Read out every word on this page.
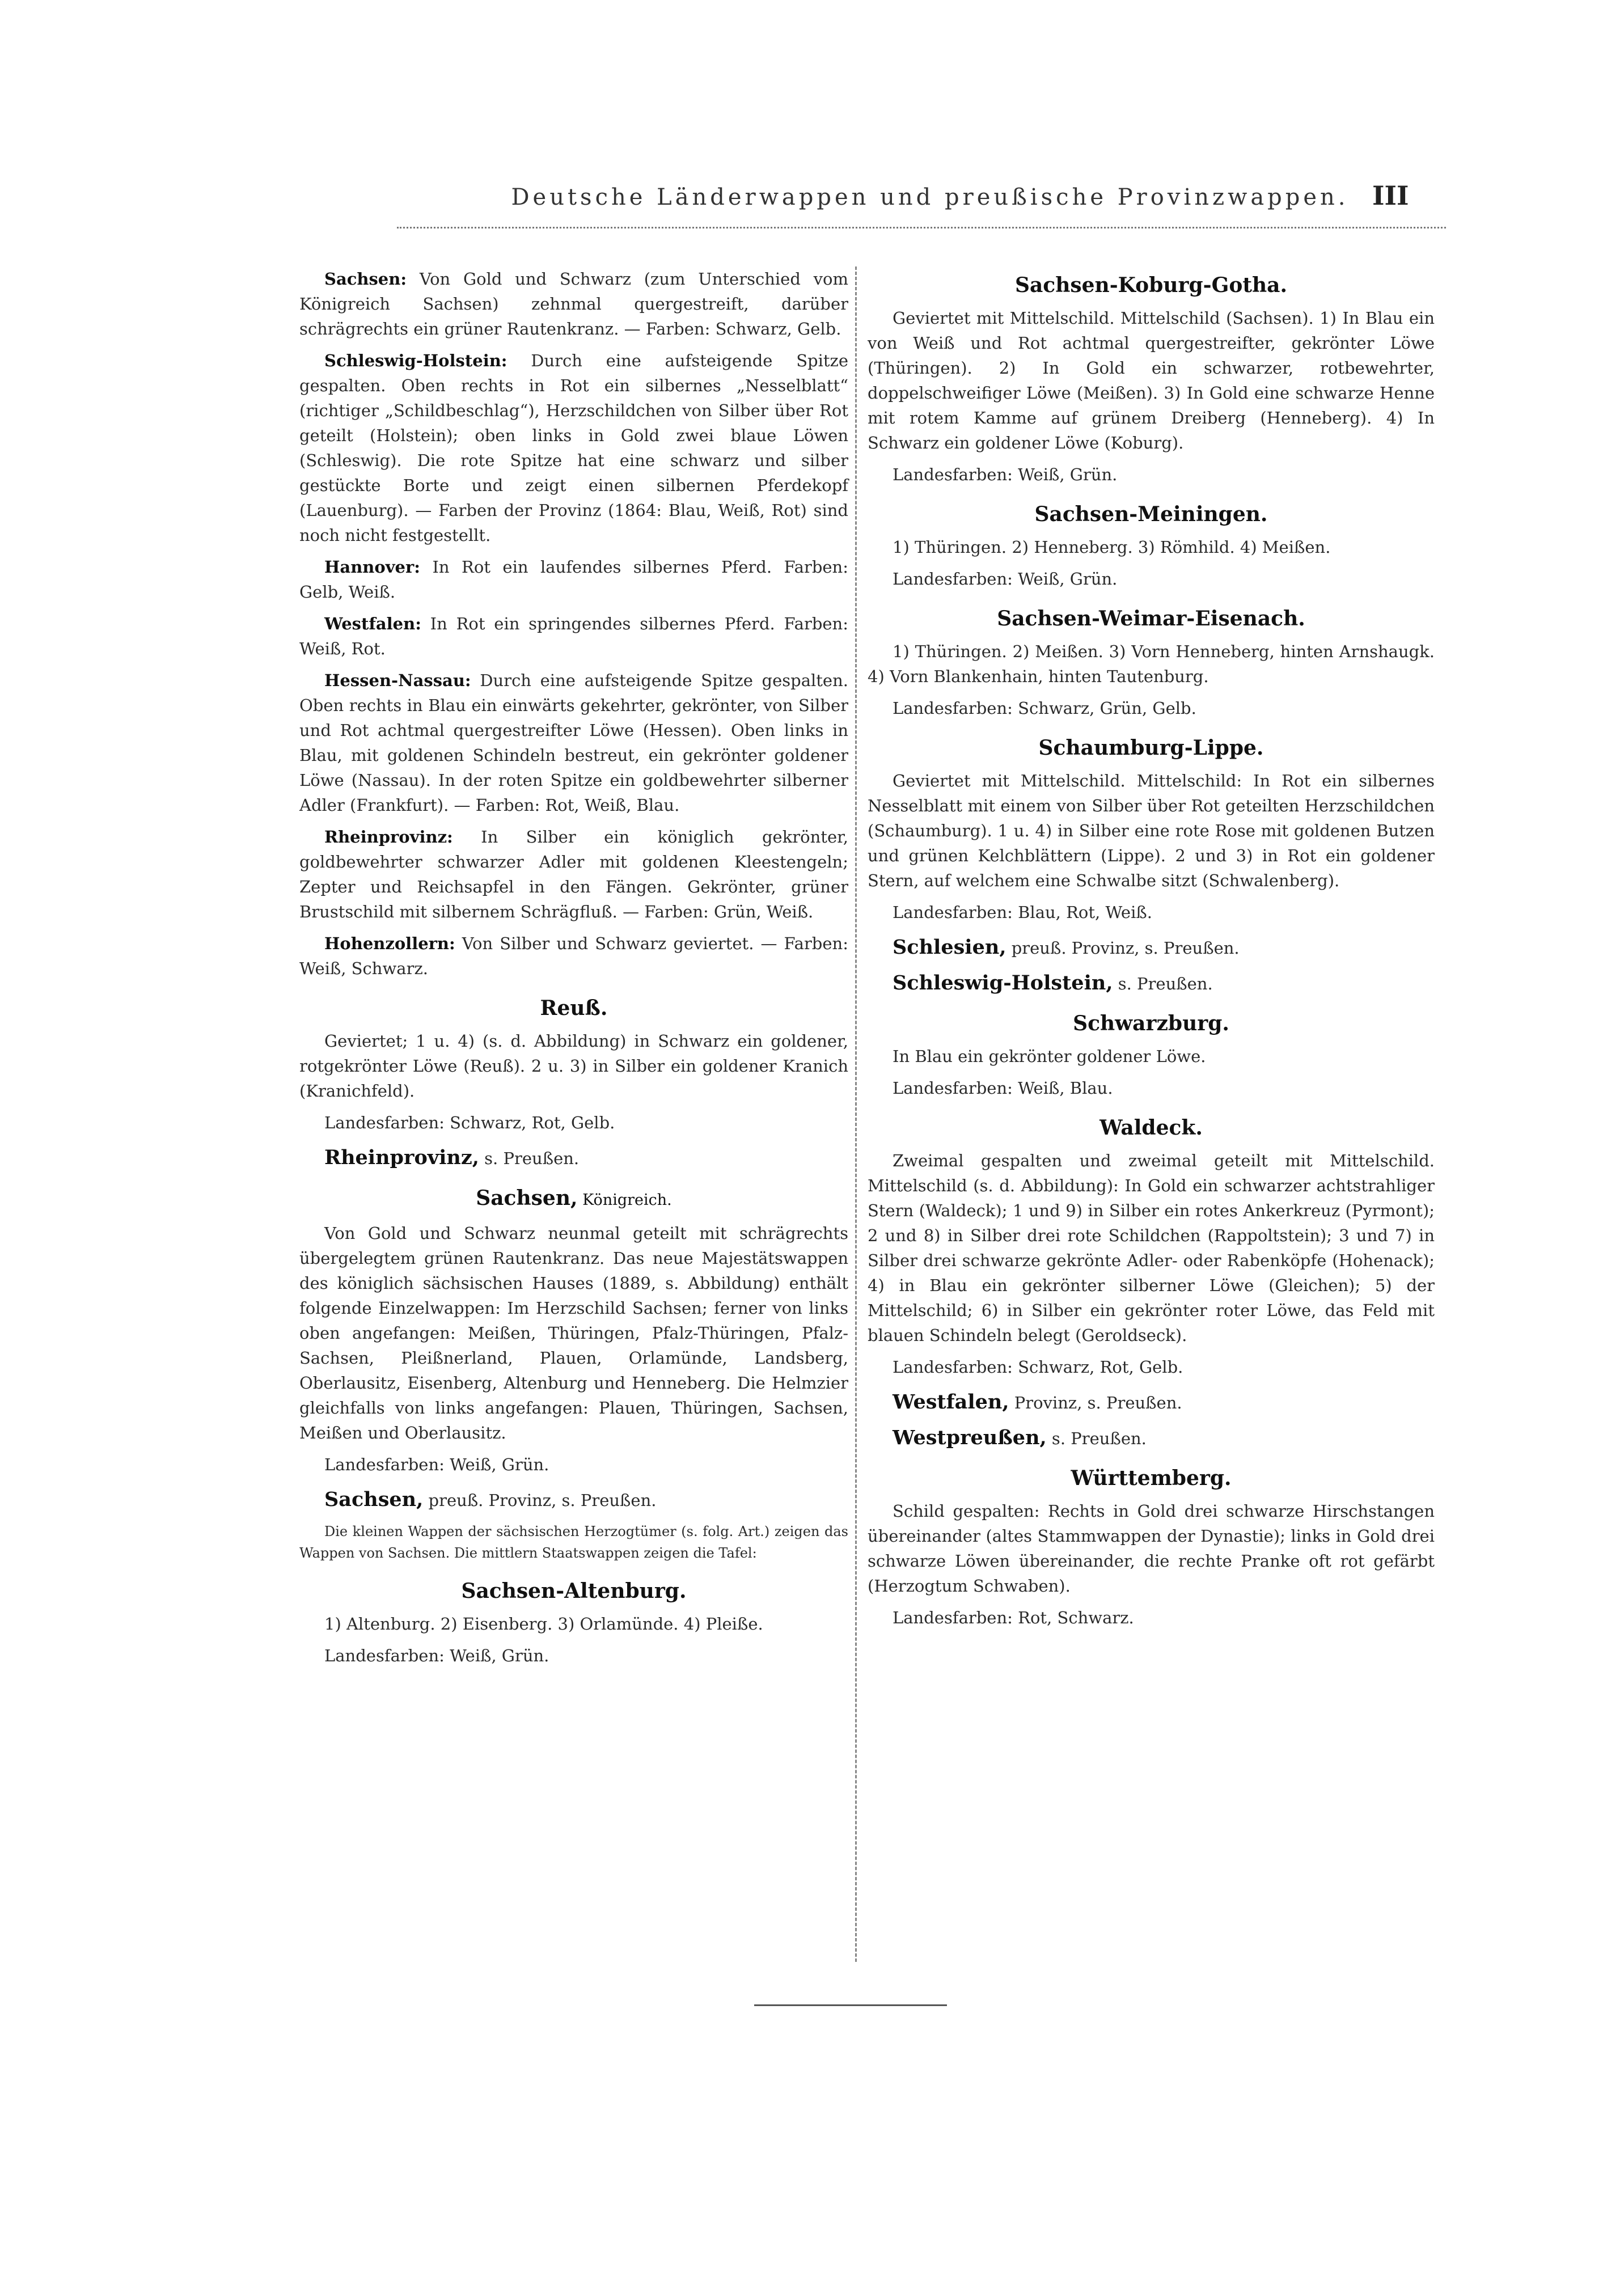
Deutsche Länderwappen und preußische Provinzwappen. III
Sachsen: Von Gold und Schwarz (zum Unterschied vom Königreich Sachsen) zehnmal quergestreift, darüber schrägrechts ein grüner Rautenkranz. — Farben: Schwarz, Gelb.
Schleswig-Holstein: Durch eine aufsteigende Spitze gespalten. Oben rechts in Rot ein silbernes „Nesselblatt“ (richtiger „Schildbeschlag“), Herzschildchen von Silber über Rot geteilt (Holstein); oben links in Gold zwei blaue Löwen (Schleswig). Die rote Spitze hat eine schwarz und silber gestückte Borte und zeigt einen silbernen Pferdekopf (Lauenburg). — Farben der Provinz (1864: Blau, Weiß, Rot) sind noch nicht festgestellt.
Hannover: In Rot ein laufendes silbernes Pferd. Farben: Gelb, Weiß.
Westfalen: In Rot ein springendes silbernes Pferd. Farben: Weiß, Rot.
Hessen-Nassau: Durch eine aufsteigende Spitze gespalten. Oben rechts in Blau ein einwärts gekehrter, gekrönter, von Silber und Rot achtmal quergestreifter Löwe (Hessen). Oben links in Blau, mit goldenen Schindeln bestreut, ein gekrönter goldener Löwe (Nassau). In der roten Spitze ein goldbewehrter silberner Adler (Frankfurt). — Farben: Rot, Weiß, Blau.
Rheinprovinz: In Silber ein königlich gekrönter, goldbewehrter schwarzer Adler mit goldenen Kleestengeln; Zepter und Reichsapfel in den Fängen. Gekrönter, grüner Brustschild mit silbernem Schrägfluß. — Farben: Grün, Weiß.
Hohenzollern: Von Silber und Schwarz geviertet. — Farben: Weiß, Schwarz.
Reuß.
Geviertet; 1 u. 4) (s. d. Abbildung) in Schwarz ein goldener, rotgekrönter Löwe (Reuß). 2 u. 3) in Silber ein goldener Kranich (Kranichfeld).
Landesfarben: Schwarz, Rot, Gelb.
Rheinprovinz, s. Preußen.
Sachsen, Königreich.
Von Gold und Schwarz neunmal geteilt mit schrägrechts übergelegtem grünen Rautenkranz. Das neue Majestätswappen des königlich sächsischen Hauses (1889, s. Abbildung) enthält folgende Einzelwappen: Im Herzschild Sachsen; ferner von links oben angefangen: Meißen, Thüringen, Pfalz-Thüringen, Pfalz-Sachsen, Pleißnerland, Plauen, Orlamünde, Landsberg, Oberlausitz, Eisenberg, Altenburg und Henneberg. Die Helmzier gleichfalls von links angefangen: Plauen, Thüringen, Sachsen, Meißen und Oberlausitz.
Landesfarben: Weiß, Grün.
Sachsen, preuß. Provinz, s. Preußen.
Die kleinen Wappen der sächsischen Herzogtümer (s. folg. Art.) zeigen das Wappen von Sachsen. Die mittlern Staatswappen zeigen die Tafel:
Sachsen-Altenburg.
1) Altenburg. 2) Eisenberg. 3) Orlamünde. 4) Pleiße.
Landesfarben: Weiß, Grün.
Sachsen-Koburg-Gotha.
Geviertet mit Mittelschild. Mittelschild (Sachsen). 1) In Blau ein von Weiß und Rot achtmal quergestreifter, gekrönter Löwe (Thüringen). 2) In Gold ein schwarzer, rotbewehrter, doppelschweifiger Löwe (Meißen). 3) In Gold eine schwarze Henne mit rotem Kamme auf grünem Dreiberg (Henneberg). 4) In Schwarz ein goldener Löwe (Koburg).
Landesfarben: Weiß, Grün.
Sachsen-Meiningen.
1) Thüringen. 2) Henneberg. 3) Römhild. 4) Meißen.
Landesfarben: Weiß, Grün.
Sachsen-Weimar-Eisenach.
1) Thüringen. 2) Meißen. 3) Vorn Henneberg, hinten Arnshaugk. 4) Vorn Blankenhain, hinten Tautenburg.
Landesfarben: Schwarz, Grün, Gelb.
Schaumburg-Lippe.
Geviertet mit Mittelschild. Mittelschild: In Rot ein silbernes Nesselblatt mit einem von Silber über Rot geteilten Herzschildchen (Schaumburg). 1 u. 4) in Silber eine rote Rose mit goldenen Butzen und grünen Kelchblättern (Lippe). 2 und 3) in Rot ein goldener Stern, auf welchem eine Schwalbe sitzt (Schwalenberg).
Landesfarben: Blau, Rot, Weiß.
Schlesien, preuß. Provinz, s. Preußen.
Schleswig-Holstein, s. Preußen.
Schwarzburg.
In Blau ein gekrönter goldener Löwe.
Landesfarben: Weiß, Blau.
Waldeck.
Zweimal gespalten und zweimal geteilt mit Mittelschild. Mittelschild (s. d. Abbildung): In Gold ein schwarzer achtstrahliger Stern (Waldeck); 1 und 9) in Silber ein rotes Ankerkreuz (Pyrmont); 2 und 8) in Silber drei rote Schildchen (Rappoltstein); 3 und 7) in Silber drei schwarze gekrönte Adler- oder Rabenköpfe (Hohenack); 4) in Blau ein gekrönter silberner Löwe (Gleichen); 5) der Mittelschild; 6) in Silber ein gekrönter roter Löwe, das Feld mit blauen Schindeln belegt (Geroldseck).
Landesfarben: Schwarz, Rot, Gelb.
Westfalen, Provinz, s. Preußen.
Westpreußen, s. Preußen.
Württemberg.
Schild gespalten: Rechts in Gold drei schwarze Hirschstangen übereinander (altes Stammwappen der Dynastie); links in Gold drei schwarze Löwen übereinander, die rechte Pranke oft rot gefärbt (Herzogtum Schwaben).
Landesfarben: Rot, Schwarz.
